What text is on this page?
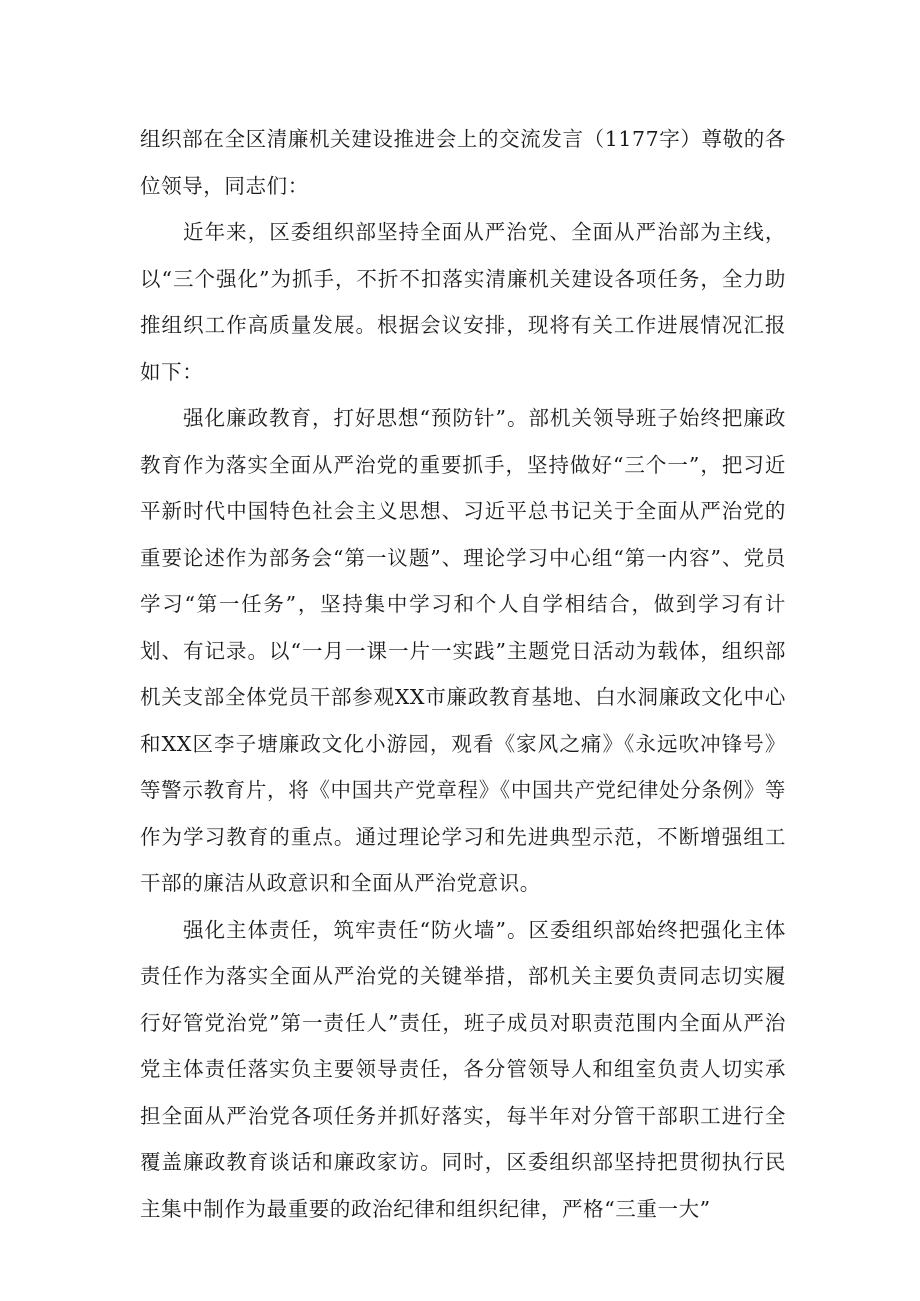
组织部在全区清廉机关建设推进会上的交流发言（1177字）尊敬的各位领导，同志们：

近年来，区委组织部坚持全面从严治党、全面从严治部为主线，以“三个强化”为抓手，不折不扣落实清廉机关建设各项任务，全力助推组织工作高质量发展。根据会议安排，现将有关工作进展情况汇报如下：

强化廉政教育，打好思想“预防针”。部机关领导班子始终把廉政教育作为落实全面从严治党的重要抓手，坚持做好“三个一”，把习近平新时代中国特色社会主义思想、习近平总书记关于全面从严治党的重要论述作为部务会“第一议题”、理论学习中心组“第一内容”、党员学习“第一任务”，坚持集中学习和个人自学相结合，做到学习有计划、有记录。以“一月一课一片一实践”主题党日活动为载体，组织部机关支部全体党员干部参观XX市廉政教育基地、白水洞廉政文化中心和XX区李子塘廉政文化小游园，观看《家风之痛》《永远吹冲锋号》等警示教育片，将《中国共产党章程》《中国共产党纪律处分条例》等作为学习教育的重点。通过理论学习和先进典型示范，不断增强组工干部的廉洁从政意识和全面从严治党意识。

强化主体责任，筑牢责任“防火墙”。区委组织部始终把强化主体责任作为落实全面从严治党的关键举措，部机关主要负责同志切实履行好管党治党”第一责任人”责任，班子成员对职责范围内全面从严治党主体责任落实负主要领导责任，各分管领导人和组室负责人切实承担全面从严治党各项任务并抓好落实，每半年对分管干部职工进行全覆盖廉政教育谈话和廉政家访。同时，区委组织部坚持把贯彻执行民主集中制作为最重要的政治纪律和组织纪律，严格“三重一大”
